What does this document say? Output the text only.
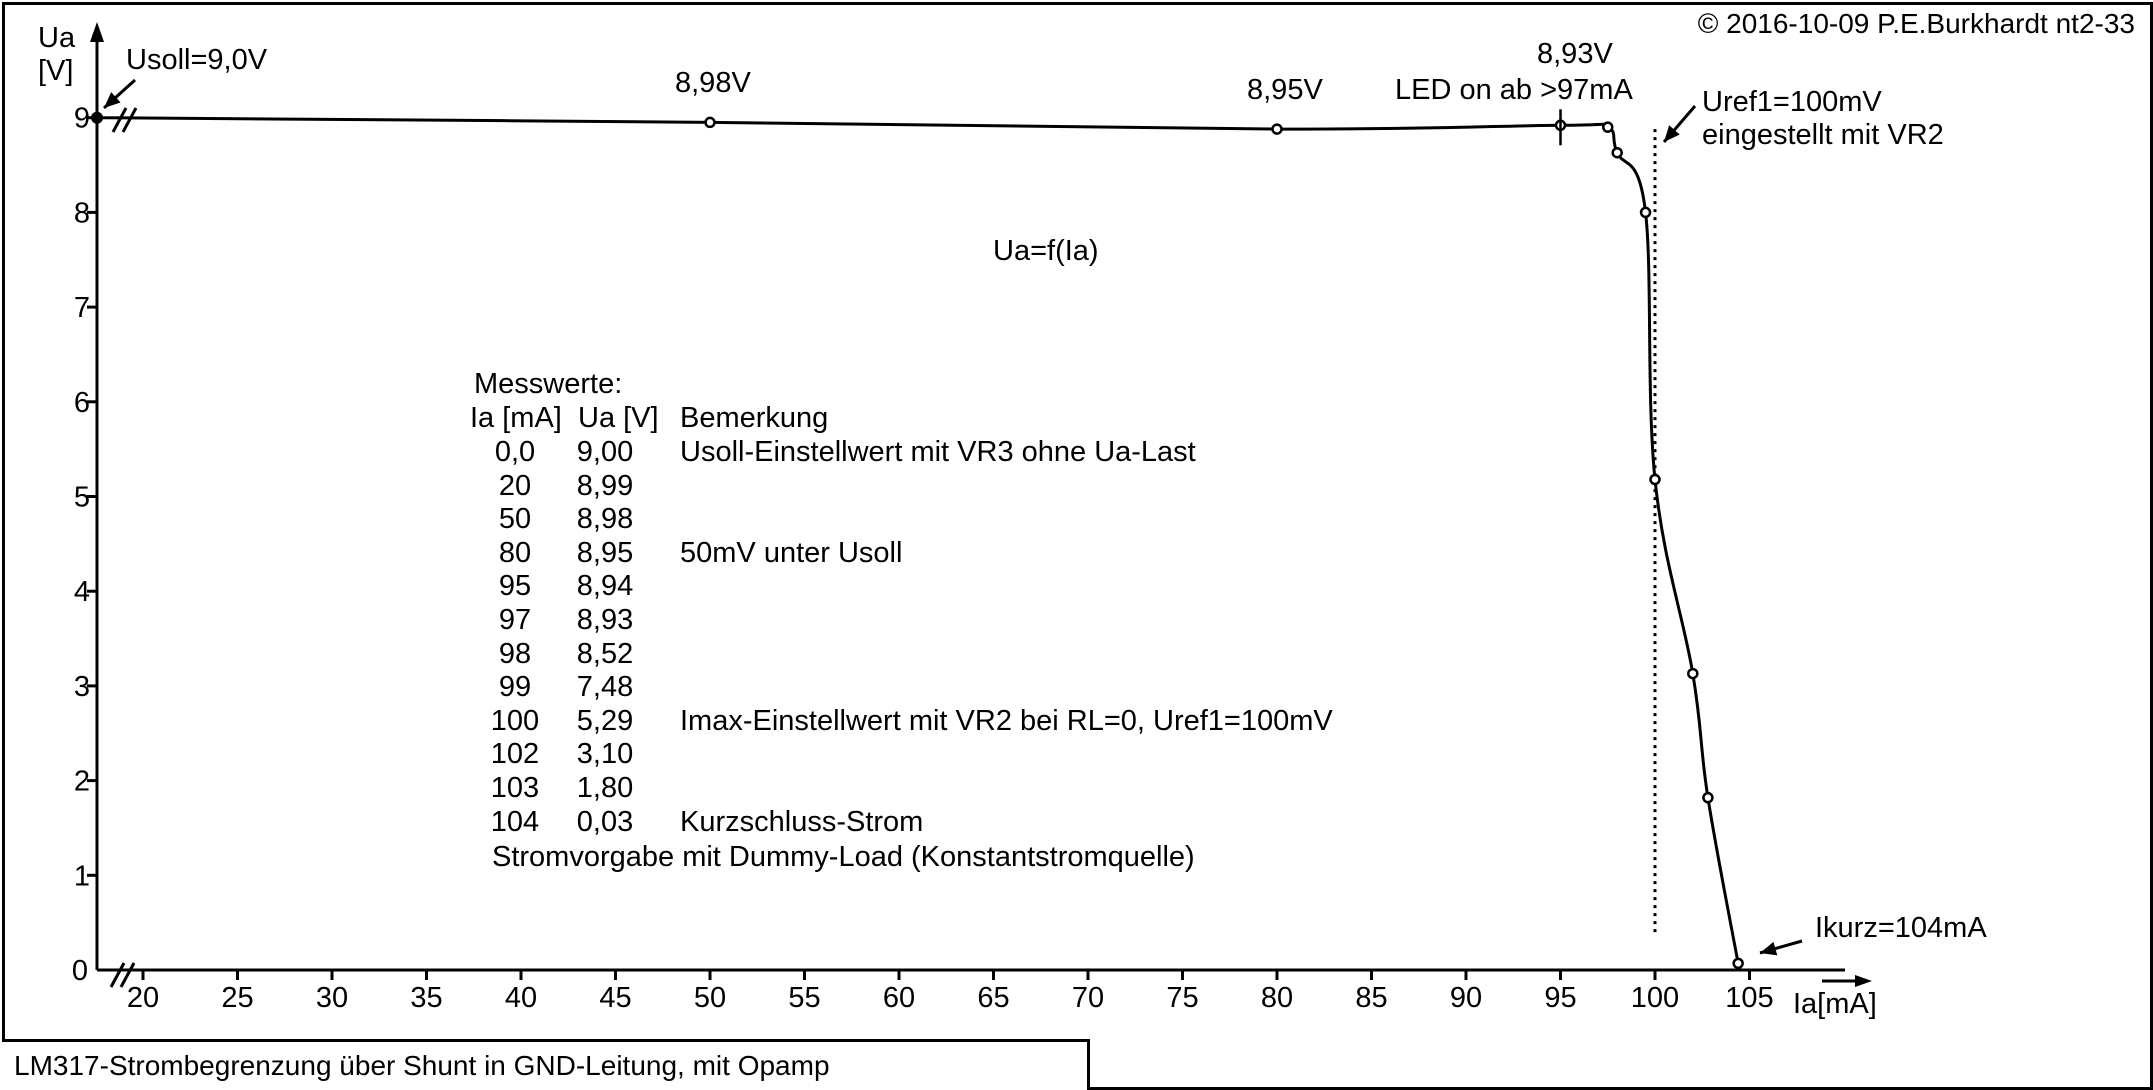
20 25 30 35 40 45 50 55 60 65 70 75 80 85 90 95 100 105
0
1
2
3
4
5
6
7
8
9
© 2016-10-09 P.E.Burkhardt nt2-33
Usoll=9,0V
8,98V	8,95V
8,93V
LED on ab >97mA Uref1=100mV
eingestellt mit VR2
Ikurz=104mA
Ua=f(Ia)
Ua
[V]
Ia[mA]
Messwerte:
Ia [mA] Ua [V] Bemerkung
0,0	9,00 Usoll-Einstellwert mit VR3 ohne Ua-Last
20	8,99
50	8,98
80	8,95 50mV unter Usoll
95	8,94
97	8,93
98	8,52
99	7,48
100	5,29 Imax-Einstellwert mit VR2 bei RL=0, Uref1=100mV
102	3,10
103	1,80
104	0,03 Kurzschluss-Strom
Stromvorgabe mit Dummy-Load (Konstantstromquelle)
LM317-Strombegrenzung über Shunt in GND-Leitung, mit Opamp
